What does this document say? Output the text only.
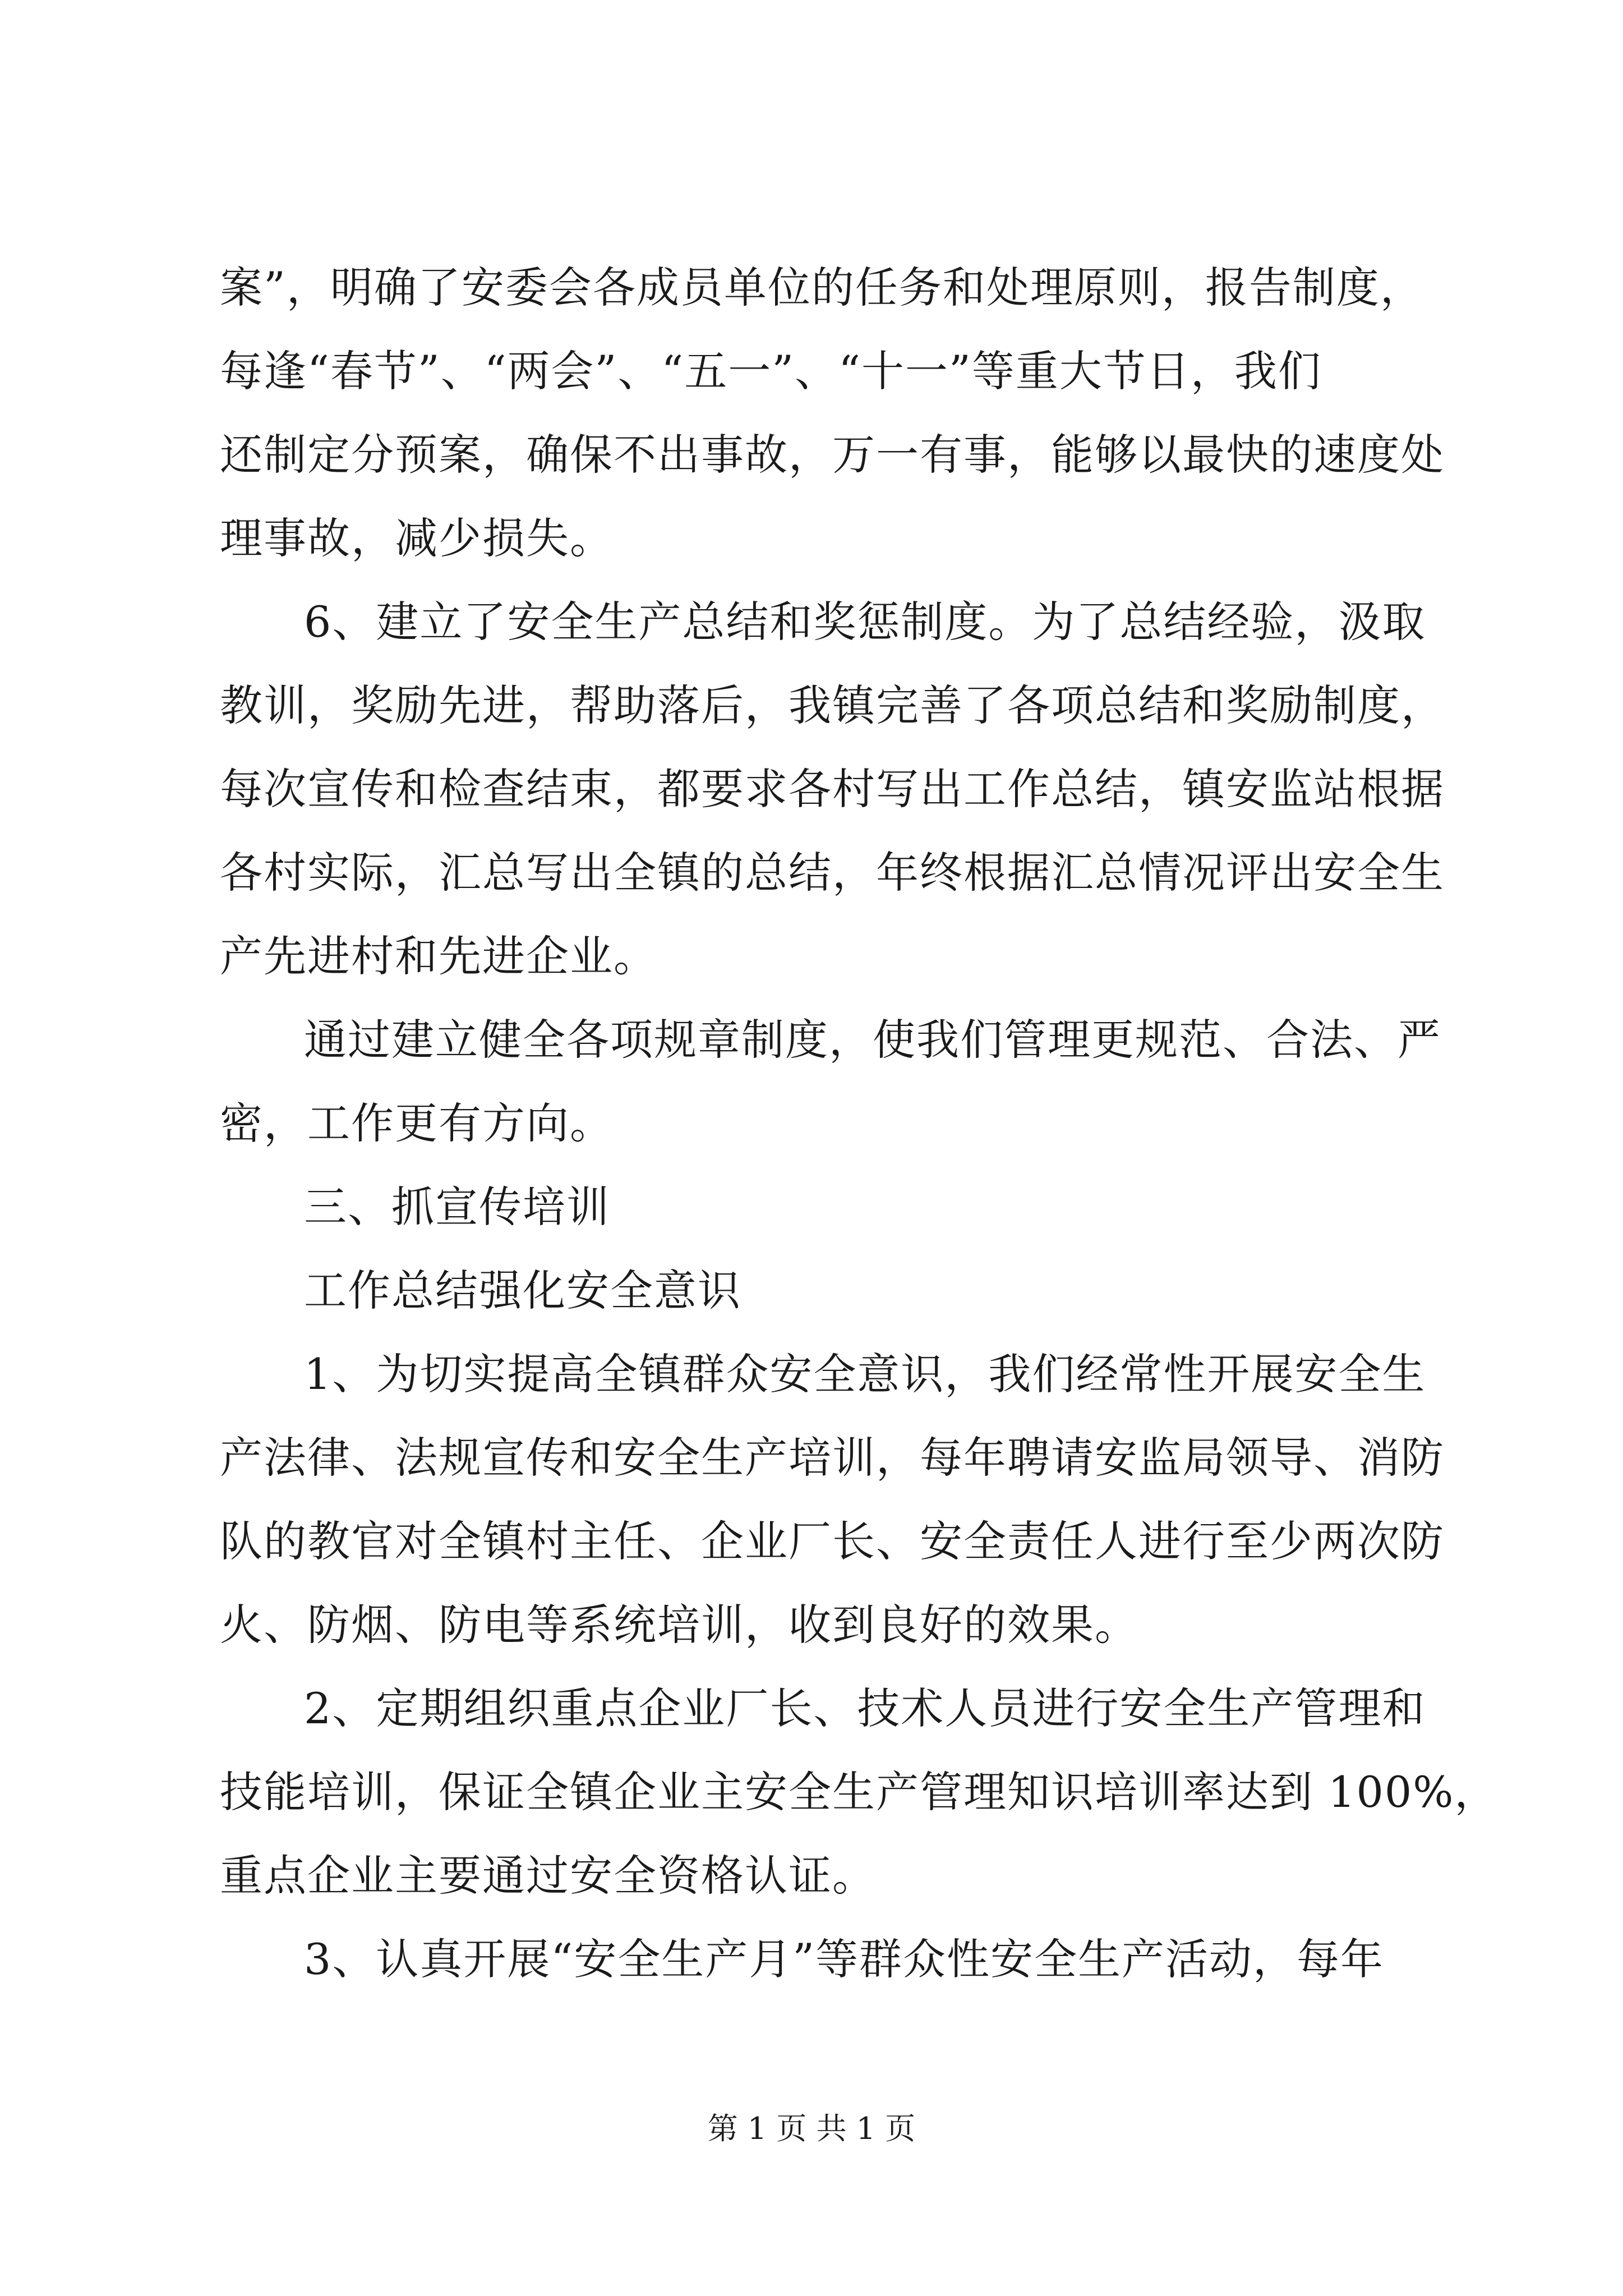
案”，明确了安委会各成员单位的任务和处理原则，报告制度，
每逢“春节”、“两会”、“五一”、“十一”等重大节日，我们
还制定分预案，确保不出事故，万一有事，能够以最快的速度处
理事故，减少损失。
6、建立了安全生产总结和奖惩制度。为了总结经验，汲取
教训，奖励先进，帮助落后，我镇完善了各项总结和奖励制度，
每次宣传和检查结束，都要求各村写出工作总结，镇安监站根据
各村实际，汇总写出全镇的总结，年终根据汇总情况评出安全生
产先进村和先进企业。
通过建立健全各项规章制度，使我们管理更规范、合法、严
密，工作更有方向。
三、抓宣传培训
工作总结强化安全意识
1、为切实提高全镇群众安全意识，我们经常性开展安全生
产法律、法规宣传和安全生产培训，每年聘请安监局领导、消防
队的教官对全镇村主任、企业厂长、安全责任人进行至少两次防
火、防烟、防电等系统培训，收到良好的效果。
2、定期组织重点企业厂长、技术人员进行安全生产管理和
技能培训，保证全镇企业主安全生产管理知识培训率达到 100%，
重点企业主要通过安全资格认证。
3、认真开展“安全生产月”等群众性安全生产活动，每年
第 1 页 共 1 页
